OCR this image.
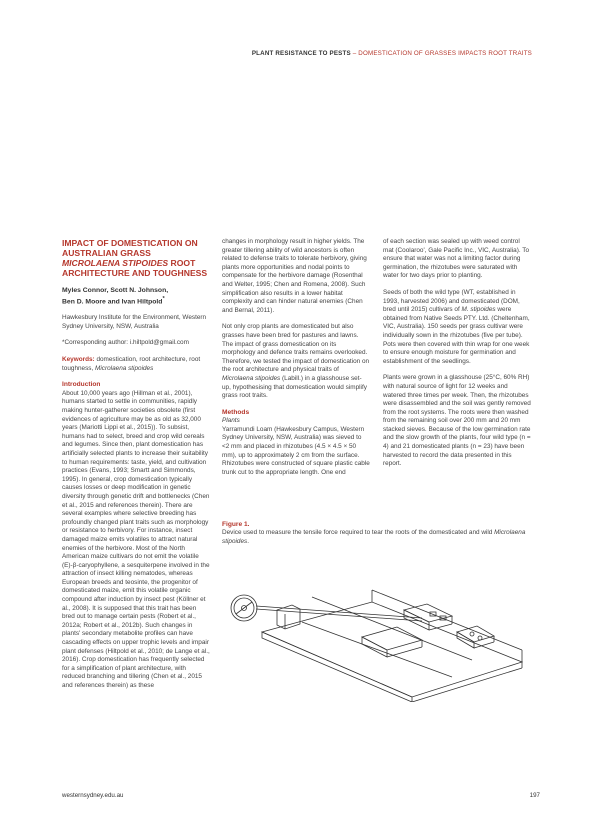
PLANT RESISTANCE TO PESTS – DOMESTICATION OF GRASSES IMPACTS ROOT TRAITS
IMPACT OF DOMESTICATION ON AUSTRALIAN GRASS MICROLAENA STIPOIDES ROOT ARCHITECTURE AND TOUGHNESS
Myles Connor, Scott N. Johnson,
Ben D. Moore and Ivan Hiltpold*

Hawkesbury Institute for the Environment, Western Sydney University, NSW, Australia

*Corresponding author: i.hiltpold@gmail.com

Keywords: domestication, root architecture, root toughness, Microlaena stipoides

Introduction

About 10,000 years ago (Hillman et al., 2001), humans started to settle in communities, rapidly making hunter-gatherer societies obsolete (first evidences of agriculture may be as old as 32,000 years (Mariotti Lippi et al., 2015)). To subsist, humans had to select, breed and crop wild cereals and legumes. Since then, plant domestication has artificially selected plants to increase their suitability to human requirements: taste, yield, and cultivation practices (Evans, 1993; Smartt and Simmonds, 1995). In general, crop domestication typically causes losses or deep modification in genetic diversity through genetic drift and bottlenecks (Chen et al., 2015 and references therein). There are several examples where selective breeding has profoundly changed plant traits such as morphology or resistance to herbivory. For instance, insect damaged maize emits volatiles to attract natural enemies of the herbivore. Most of the North American maize cultivars do not emit the volatile (E)-β-caryophyllene, a sesquiterpene involved in the attraction of insect killing nematodes, whereas European breeds and teosinte, the progenitor of domesticated maize, emit this volatile organic compound after induction by insect pest (Köllner et al., 2008). It is supposed that this trait has been bred out to manage certain pests (Robert et al., 2012a; Robert et al., 2012b). Such changes in plants' secondary metabolite profiles can have cascading effects on upper trophic levels and impair plant defenses (Hiltpold et al., 2010; de Lange et al., 2016). Crop domestication has frequently selected for a simplification of plant architecture, with reduced branching and tillering (Chen et al., 2015 and references therein) as these

changes in morphology result in higher yields. The greater tillering ability of wild ancestors is often related to defense traits to tolerate herbivory, giving plants more opportunities and nodal points to compensate for the herbivore damage (Rosenthal and Welter, 1995; Chen and Romena, 2008). Such simplification also results in a lower habitat complexity and can hinder natural enemies (Chen and Bernal, 2011).

Not only crop plants are domesticated but also grasses have been bred for pastures and lawns. The impact of grass domestication on its morphology and defence traits remains overlooked. Therefore, we tested the impact of domestication on the root architecture and physical traits of Microlaena stipoides (Labill.) in a glasshouse set-up, hypothesising that domestication would simplify grass root traits.

Methods
Plants

Yarramundi Loam (Hawkesbury Campus, Western Sydney University, NSW, Australia) was sieved to <2 mm and placed in rhizotubes (4.5 × 4.5 × 50 mm), up to approximately 2 cm from the surface. Rhizotubes were constructed of square plastic cable trunk cut to the appropriate length. One end

of each section was sealed up with weed control mat (Coolaroo', Gale Pacific Inc., VIC, Australia). To ensure that water was not a limiting factor during germination, the rhizotubes were saturated with water for two days prior to planting.

Seeds of both the wild type (WT, established in 1993, harvested 2006) and domesticated (DOM, bred until 2015) cultivars of M. stipoides were obtained from Native Seeds PTY. Ltd. (Cheltenham, VIC, Australia). 150 seeds per grass cultivar were individually sown in the rhizotubes (five per tube). Pots were then covered with thin wrap for one week to ensure enough moisture for germination and establishment of the seedlings.

Plants were grown in a glasshouse (25°C, 60% RH) with natural source of light for 12 weeks and watered three times per week. Then, the rhizotubes were disassembled and the soil was gently removed from the root systems. The roots were then washed from the remaining soil over 200 mm and 20 mm stacked sieves. Because of the low germination rate and the slow growth of the plants, four wild type (n = 4) and 21 domesticated plants (n = 23) have been harvested to record the data presented in this report.

Figure 1.
Device used to measure the tensile force required to tear the roots of the domesticated and wild Microlaena stipoides.
westernsydney.edu.au	197
